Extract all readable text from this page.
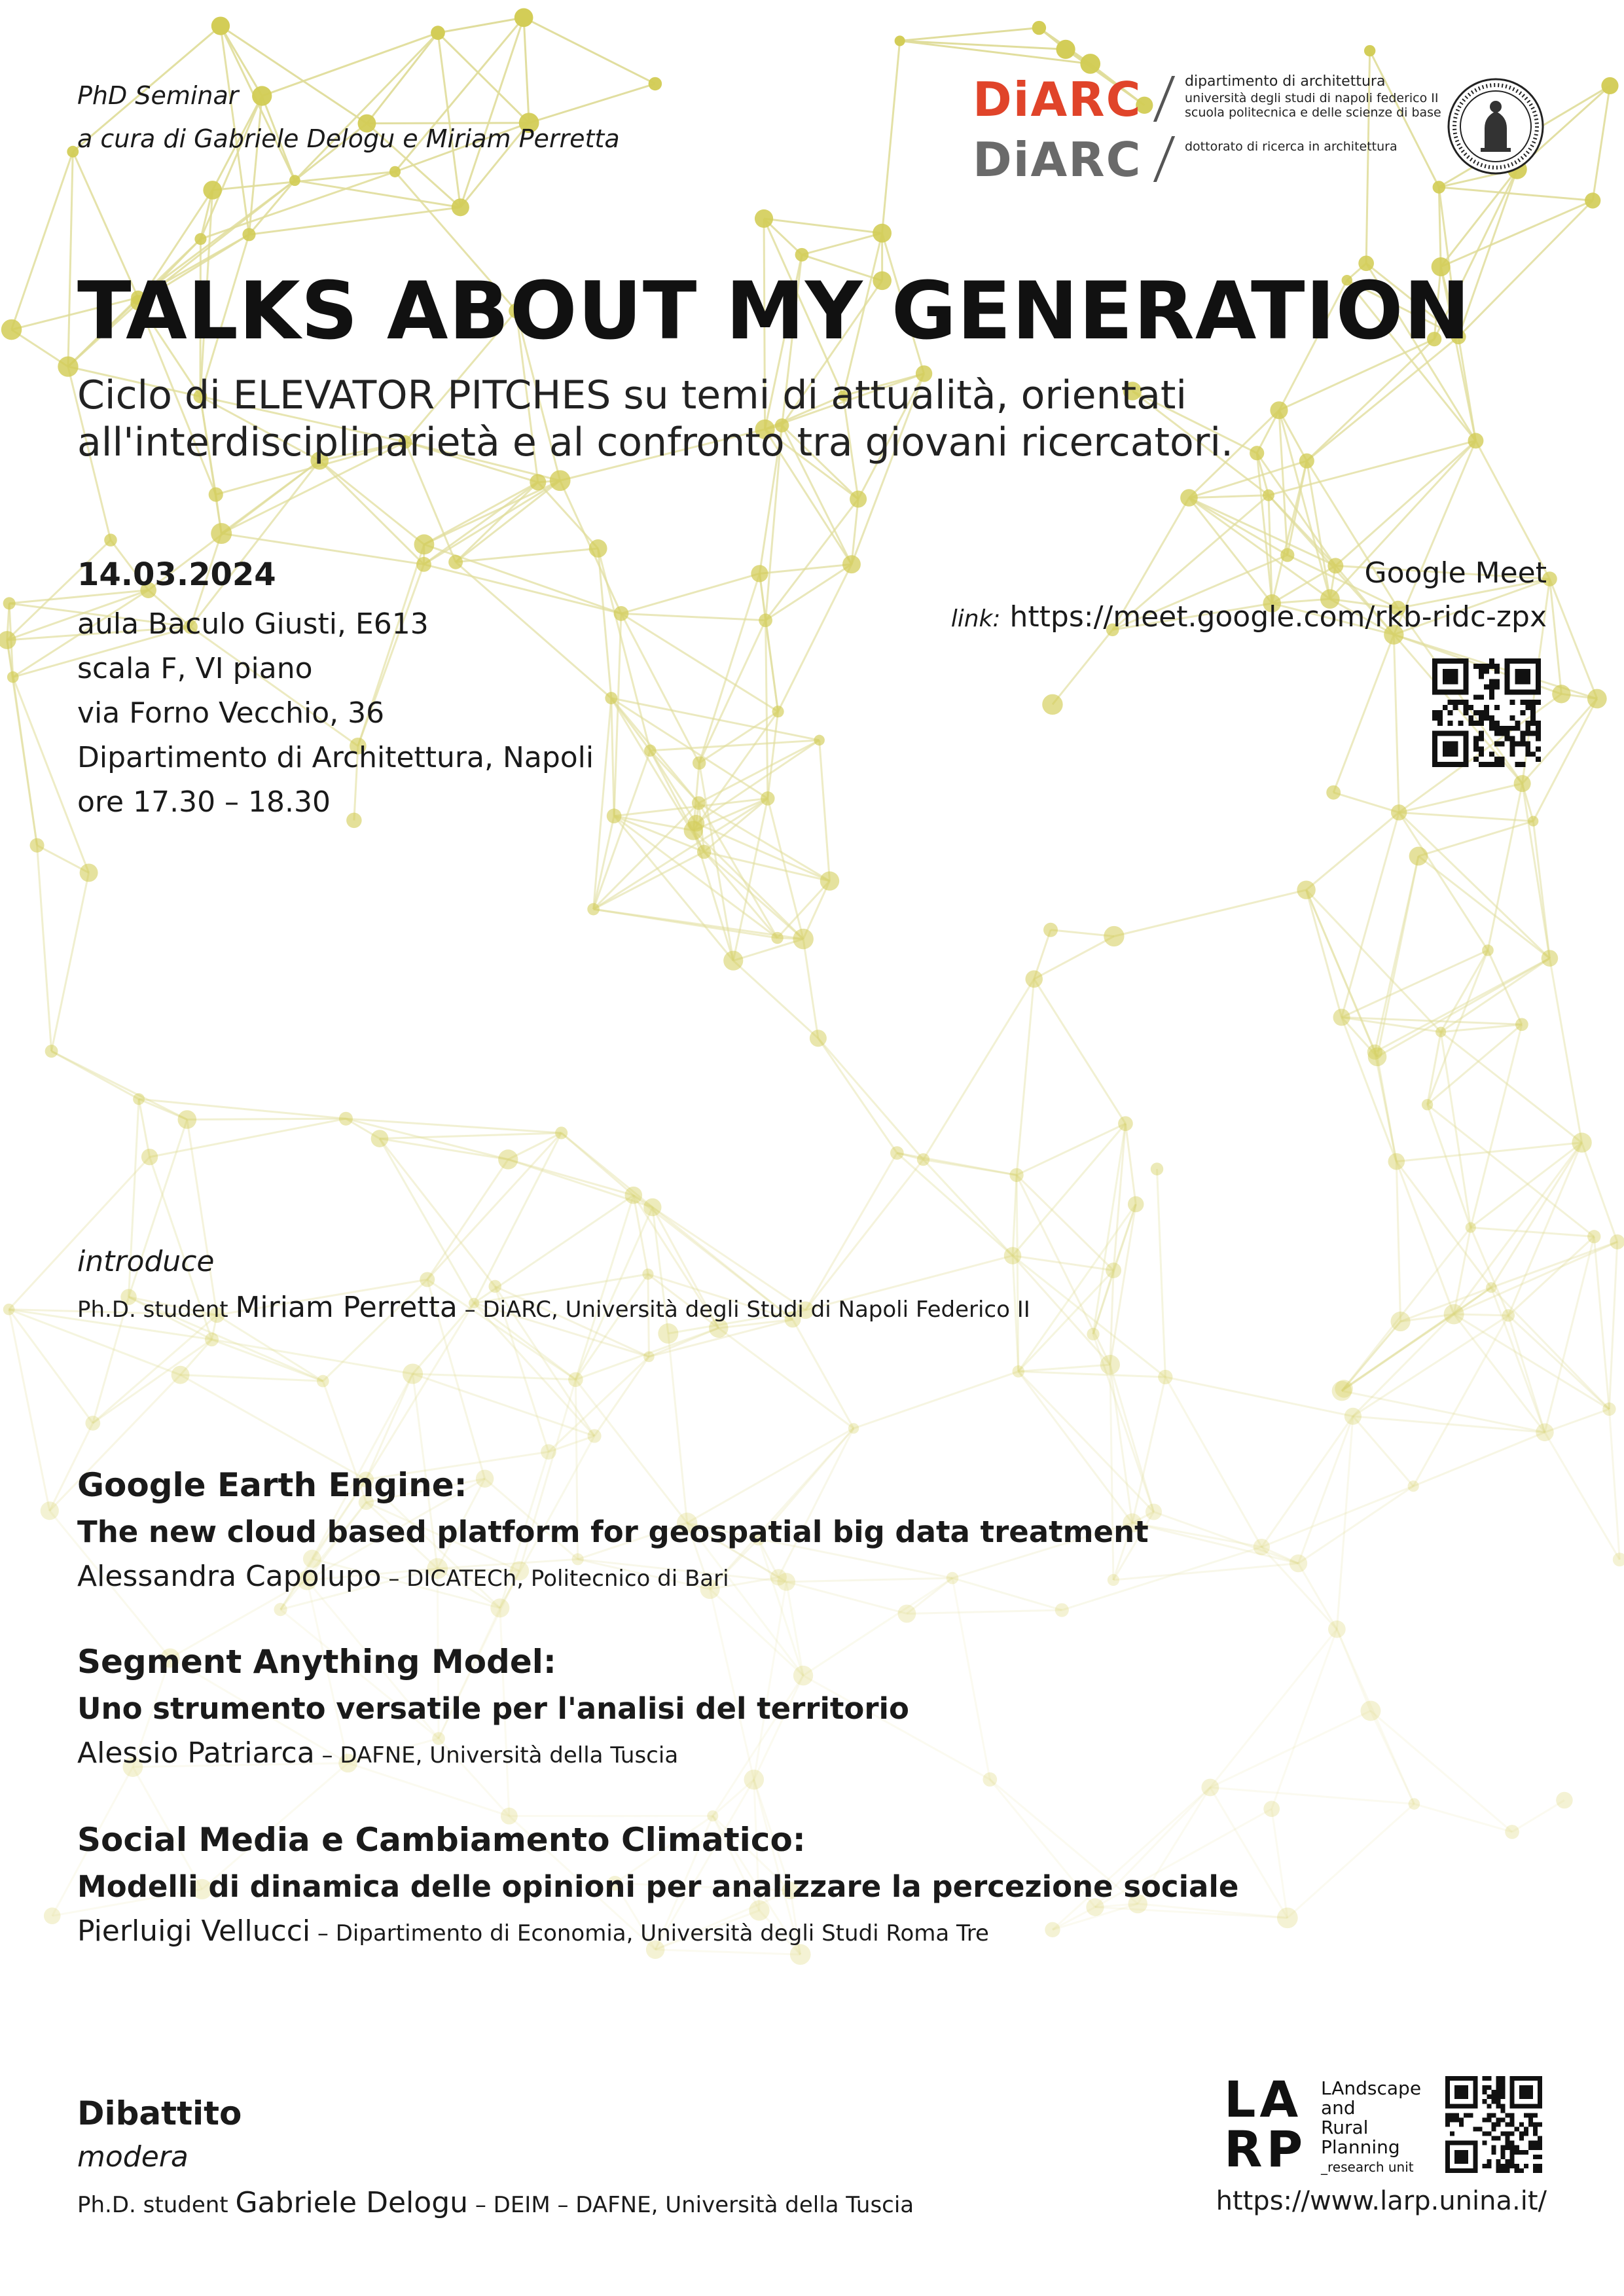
PhD Seminar
a cura di Gabriele Delogu e Miriam Perretta
DiARC	dipartimento di architettura
università degli studi di napoli federico II
scuola politecnica e delle scienze di base
DiARC	dottorato di ricerca in architettura
TALKS ABOUT MY GENERATION
Ciclo di ELEVATOR PITCHES su temi di attualità, orientati
all'interdisciplinarietà e al confronto tra giovani ricercatori.
14.03.2024
aula Baculo Giusti, E613
scala F, VI piano
via Forno Vecchio, 36
Dipartimento di Architettura, Napoli
ore 17.30 – 18.30
Google Meet
link: https://meet.google.com/rkb-ridc-zpx
introduce
Ph.D. student Miriam Perretta – DiARC, Università degli Studi di Napoli Federico II
Google Earth Engine:
The new cloud based platform for geospatial big data treatment
Alessandra Capolupo – DICATECh, Politecnico di Bari
Segment Anything Model:
Uno strumento versatile per l'analisi del territorio
Alessio Patriarca – DAFNE, Università della Tuscia
Social Media e Cambiamento Climatico:
Modelli di dinamica delle opinioni per analizzare la percezione sociale
Pierluigi Vellucci – Dipartimento di Economia, Università degli Studi Roma Tre
Dibattito
modera
Ph.D. student Gabriele Delogu – DEIM – DAFNE, Università della Tuscia
LA
RP
LAndscape
and
Rural
Planning
_research unit
https://www.larp.unina.it/
